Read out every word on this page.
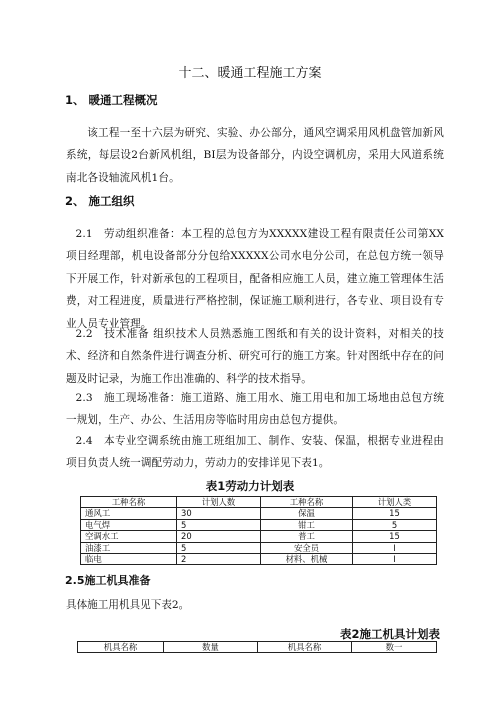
十二、暖通工程施工方案
1、 暖通工程概况

该工程一至十六层为研究、实验、办公部分，通风空调采用风机盘管加新风系统，每层设2台新风机组，BI层为设备部分，内设空调机房，采用大风道系统南北各设轴流风机1台。

2、 施工组织

2.1　劳动组织准备：本工程的总包方为XXXXX建设工程有限责任公司第XX项目经理部，机电设备部分分包给XXXXX公司水电分公司，在总包方统一领导下开展工作，针对新承包的工程项目，配备相应施工人员，建立施工管理体生活费，对工程进度，质量进行严格控制，保证施工顺利进行，各专业、项目设有专业人员专业管理。

2.2　技术准备 组织技术人员熟悉施工图纸和有关的设计资料，对相关的技术、经济和自然条件进行调查分析、研究可行的施工方案。针对图纸中存在的问题及时记录，为施工作出准确的、科学的技术指导。

2.3　施工现场准备：施工道路、施工用水、施工用电和加工场地由总包方统一规划，生产、办公、生活用房等临时用房由总包方提供。

2.4　本专业空调系统由施工班组加工、制作、安装、保温，根据专业进程由项目负责人统一调配劳动力，劳动力的安排详见下表1。

表1劳动力计划表
工种名称	计划人数	工种名称	计划人类
通风工	30	保温	15
电气焊	5	钳工	5
空调水工	20	普工	15
油漆工	5	安全员	I
临电	2	材料、机械	I
2.5施工机具准备
具体施工用机具见下表2。
表2施工机具计划表
机具名称	数量	机具名称	数一
